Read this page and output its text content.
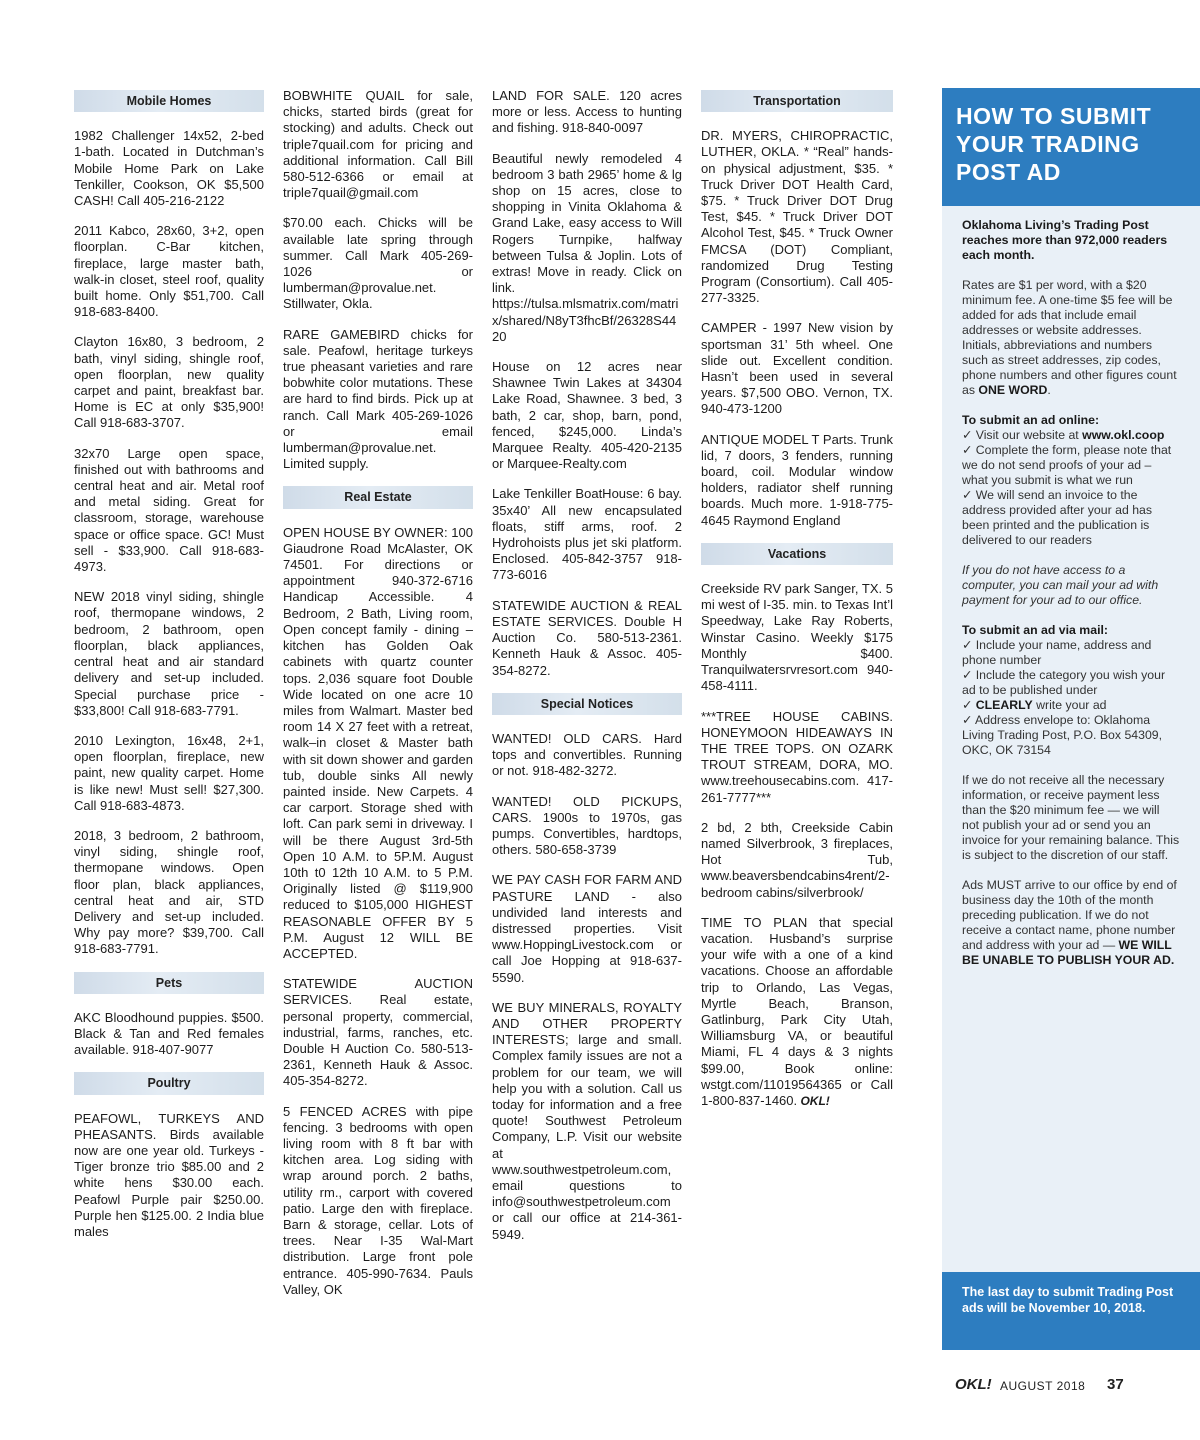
Mobile Homes
1982 Challenger 14x52, 2-bed 1-bath. Located in Dutchman’s Mobile Home Park on Lake Tenkiller, Cookson, OK $5,500 CASH! Call 405-216-2122
2011 Kabco, 28x60, 3+2, open floorplan. C-Bar kitchen, fireplace, large master bath, walk-in closet, steel roof, quality built home. Only $51,700. Call 918-683-8400.
Clayton 16x80, 3 bedroom, 2 bath, vinyl siding, shingle roof, open floorplan, new quality carpet and paint, breakfast bar. Home is EC at only $35,900! Call 918-683-3707.
32x70 Large open space, finished out with bathrooms and central heat and air. Metal roof and metal siding. Great for classroom, storage, warehouse space or office space. GC! Must sell - $33,900. Call 918-683-4973.
NEW 2018 vinyl siding, shingle roof, thermopane windows, 2 bedroom, 2 bathroom, open floorplan, black appliances, central heat and air standard delivery and set-up included. Special purchase price - $33,800! Call 918-683-7791.
2010 Lexington, 16x48, 2+1, open floorplan, fireplace, new paint, new quality carpet. Home is like new! Must sell! $27,300. Call 918-683-4873.
2018, 3 bedroom, 2 bathroom, vinyl siding, shingle roof, thermopane windows. Open floor plan, black appliances, central heat and air, STD Delivery and set-up included. Why pay more? $39,700. Call 918-683-7791.
Pets
AKC Bloodhound puppies. $500. Black & Tan and Red females available. 918-407-9077
Poultry
PEAFOWL, TURKEYS AND PHEASANTS. Birds available now are one year old. Turkeys - Tiger bronze trio $85.00 and 2 white hens $30.00 each. Peafowl Purple pair $250.00. Purple hen $125.00. 2 India blue males
BOBWHITE QUAIL for sale, chicks, started birds (great for stocking) and adults. Check out triple7quail.com for pricing and additional information. Call Bill 580-512-6366 or email at triple7quail@gmail.com
$70.00 each. Chicks will be available late spring through summer. Call Mark 405-269-1026 or lumberman@provalue.net. Stillwater, Okla.
RARE GAMEBIRD chicks for sale. Peafowl, heritage turkeys true pheasant varieties and rare bobwhite color mutations. These are hard to find birds. Pick up at ranch. Call Mark 405-269-1026 or email lumberman@provalue.net. Limited supply.
Real Estate
OPEN HOUSE BY OWNER: 100 Giaudrone Road McAlaster, OK 74501. For directions or appointment 940-372-6716 Handicap Accessible. 4 Bedroom, 2 Bath, Living room, Open concept family - dining – kitchen has Golden Oak cabinets with quartz counter tops. 2,036 square foot Double Wide located on one acre 10 miles from Walmart. Master bed room 14 X 27 feet with a retreat, walk–in closet & Master bath with sit down shower and garden tub, double sinks All newly painted inside. New Carpets. 4 car carport. Storage shed with loft. Can park semi in driveway. I will be there August 3rd-5th Open 10 A.M. to 5P.M. August 10th t0 12th 10 A.M. to 5 P.M. Originally listed @ $119,900 reduced to $105,000 HIGHEST REASONABLE OFFER BY 5 P.M. August 12 WILL BE ACCEPTED.
STATEWIDE AUCTION SERVICES. Real estate, personal property, commercial, industrial, farms, ranches, etc. Double H Auction Co. 580-513-2361, Kenneth Hauk & Assoc. 405-354-8272.
5 FENCED ACRES with pipe fencing. 3 bedrooms with open living room with 8 ft bar with kitchen area. Log siding with wrap around porch. 2 baths, utility rm., carport with covered patio. Large den with fireplace. Barn & storage, cellar. Lots of trees. Near I-35 Wal-Mart distribution. Large front pole entrance. 405-990-7634. Pauls Valley, OK
LAND FOR SALE. 120 acres more or less. Access to hunting and fishing. 918-840-0097
Beautiful newly remodeled 4 bedroom 3 bath 2965’ home & lg shop on 15 acres, close to shopping in Vinita Oklahoma & Grand Lake, easy access to Will Rogers Turnpike, halfway between Tulsa & Joplin. Lots of extras! Move in ready. Click on link. https://tulsa.mlsmatrix.com/matrix/shared/N8yT3fhcBf/26328S4420
House on 12 acres near Shawnee Twin Lakes at 34304 Lake Road, Shawnee. 3 bed, 3 bath, 2 car, shop, barn, pond, fenced, $245,000. Linda’s Marquee Realty. 405-420-2135 or Marquee-Realty.com
Lake Tenkiller BoatHouse: 6 bay. 35x40’ All new encapsulated floats, stiff arms, roof. 2 Hydrohoists plus jet ski platform. Enclosed. 405-842-3757 918-773-6016
STATEWIDE AUCTION & REAL ESTATE SERVICES. Double H Auction Co. 580-513-2361. Kenneth Hauk & Assoc. 405-354-8272.
Special Notices
WANTED! OLD CARS. Hard tops and convertibles. Running or not. 918-482-3272.
WANTED! OLD PICKUPS, CARS. 1900s to 1970s, gas pumps. Convertibles, hardtops, others. 580-658-3739
WE PAY CASH FOR FARM AND PASTURE LAND - also undivided land interests and distressed properties. Visit www.HoppingLivestock.com or call Joe Hopping at 918-637-5590.
WE BUY MINERALS, ROYALTY AND OTHER PROPERTY INTERESTS; large and small. Complex family issues are not a problem for our team, we will help you with a solution. Call us today for information and a free quote! Southwest Petroleum Company, L.P. Visit our website at www.southwestpetroleum.com, email questions to info@southwestpetroleum.com or call our office at 214-361-5949.
Transportation
DR. MYERS, CHIROPRACTIC, LUTHER, OKLA. * “Real” hands-on physical adjustment, $35. * Truck Driver DOT Health Card, $75. * Truck Driver DOT Drug Test, $45. * Truck Driver DOT Alcohol Test, $45. * Truck Owner FMCSA (DOT) Compliant, randomized Drug Testing Program (Consortium). Call 405-277-3325.
CAMPER - 1997 New vision by sportsman 31’ 5th wheel. One slide out. Excellent condition. Hasn’t been used in several years. $7,500 OBO. Vernon, TX. 940-473-1200
ANTIQUE MODEL T Parts. Trunk lid, 7 doors, 3 fenders, running board, coil. Modular window holders, radiator shelf running boards. Much more. 1-918-775-4645 Raymond England
Vacations
Creekside RV park Sanger, TX. 5 mi west of I-35. min. to Texas Int’l Speedway, Lake Ray Roberts, Winstar Casino. Weekly $175 Monthly $400. Tranquilwatersrvresort.com 940-458-4111.
***TREE HOUSE CABINS. HONEYMOON HIDEAWAYS IN THE TREE TOPS. ON OZARK TROUT STREAM, DORA, MO. www.treehousecabins.com. 417-261-7777***
2 bd, 2 bth, Creekside Cabin named Silverbrook, 3 fireplaces, Hot Tub, www.beaversbendcabins4rent/2-bedroom cabins/silverbrook/
TIME TO PLAN that special vacation. Husband’s surprise your wife with a one of a kind vacations. Choose an affordable trip to Orlando, Las Vegas, Myrtle Beach, Branson, Gatlinburg, Park City Utah, Williamsburg VA, or beautiful Miami, FL 4 days & 3 nights $99.00, Book online: wstgt.com/11019564365 or Call 1-800-837-1460. OKL!
HOW TO SUBMIT YOUR TRADING POST AD

Oklahoma Living’s Trading Post reaches more than 972,000 readers each month.

Rates are $1 per word, with a $20 minimum fee. A one-time $5 fee will be added for ads that include email addresses or website addresses. Initials, abbreviations and numbers such as street addresses, zip codes, phone numbers and other figures count as ONE WORD.

To submit an ad online:
✓ Visit our website at www.okl.coop
✓ Complete the form, please note that we do not send proofs of your ad – what you submit is what we run
✓ We will send an invoice to the address provided after your ad has been printed and the publication is delivered to our readers

If you do not have access to a computer, you can mail your ad with payment for your ad to our office.

To submit an ad via mail:
✓ Include your name, address and phone number
✓ Include the category you wish your ad to be published under
✓ CLEARLY write your ad
✓ Address envelope to: Oklahoma Living Trading Post, P.O. Box 54309, OKC, OK 73154

If we do not receive all the necessary information, or receive payment less than the $20 minimum fee — we will not publish your ad or send you an invoice for your remaining balance. This is subject to the discretion of our staff.

Ads MUST arrive to our office by end of business day the 10th of the month preceding publication. If we do not receive a contact name, phone number and address with your ad — WE WILL BE UNABLE TO PUBLISH YOUR AD.

The last day to submit Trading Post ads will be November 10, 2018.
OKL! AUGUST 2018 37
